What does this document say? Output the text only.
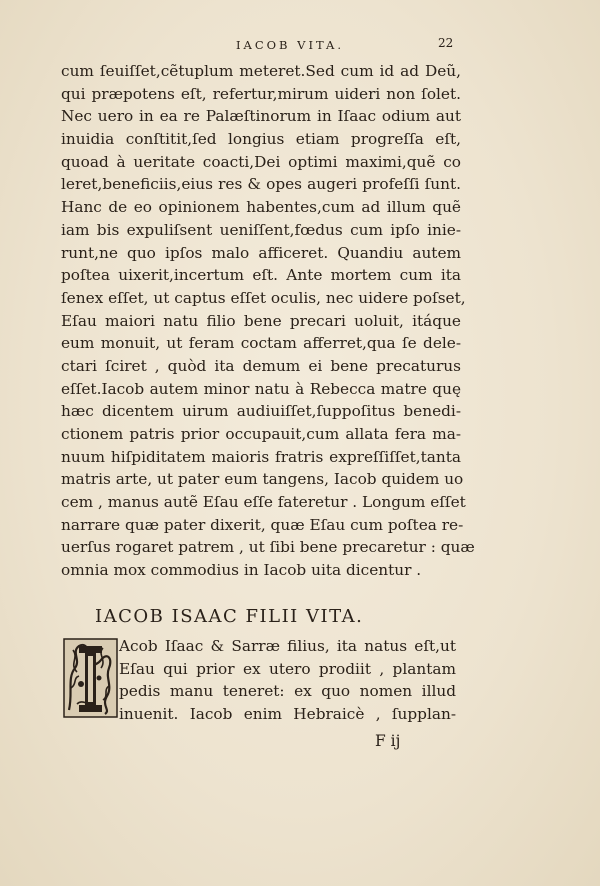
IACOB VITA.	22
cum ſeuiſſet,cẽtuplum meteret.Sed cum id ad Deũ,
qui præpotens eſt, refertur,mirum uideri non ſolet.
Nec uero in ea re Palæſtinorum in Iſaac odium aut
inuidia conſtitit,ſed longius etiam progreſſa eſt,
quoad à ueritate coacti,Dei optimi maximi,quẽ co
leret,beneficiis,eius res & opes augeri profeſſi ſunt.
Hanc de eo opinionem habentes,cum ad illum quẽ
iam bis expuliſsent ueniſſent,fœdus cum ipſo inie-
runt,ne quo ipſos malo afficeret. Quandiu autem
poſtea uixerit,incertum eſt. Ante mortem cum ita
ſenex eſſet, ut captus eſſet oculis, nec uidere poſset,
Eſau maiori natu filio bene precari uoluit, itáque
eum monuit, ut feram coctam afferret,qua ſe dele-
ctari ſciret , quòd ita demum ei bene precaturus
eſſet.Iacob autem minor natu à Rebecca matre quę
hæc dicentem uirum audiuiſſet,ſuppoſitus benedi-
ctionem patris prior occupauit,cum allata fera ma-
nuum hiſpiditatem maioris fratris expreſſiſſet,tanta
matris arte, ut pater eum tangens, Iacob quidem uo
cem , manus autẽ Eſau eſſe fateretur . Longum eſſet
narrare quæ pater dixerit, quæ Eſau cum poſtea re-
uerſus rogaret patrem , ut ſibi bene precaretur : quæ
omnia mox commodius in Iacob uita dicentur .
IACOB ISAAC FILII VITA.
Acob Iſaac & Sarræ filius, ita natus eſt,ut
Eſau qui prior ex utero prodiit , plantam
pedis manu teneret: ex quo nomen illud
inuenit. Iacob enim Hebraicè , ſupplan-
F ij
